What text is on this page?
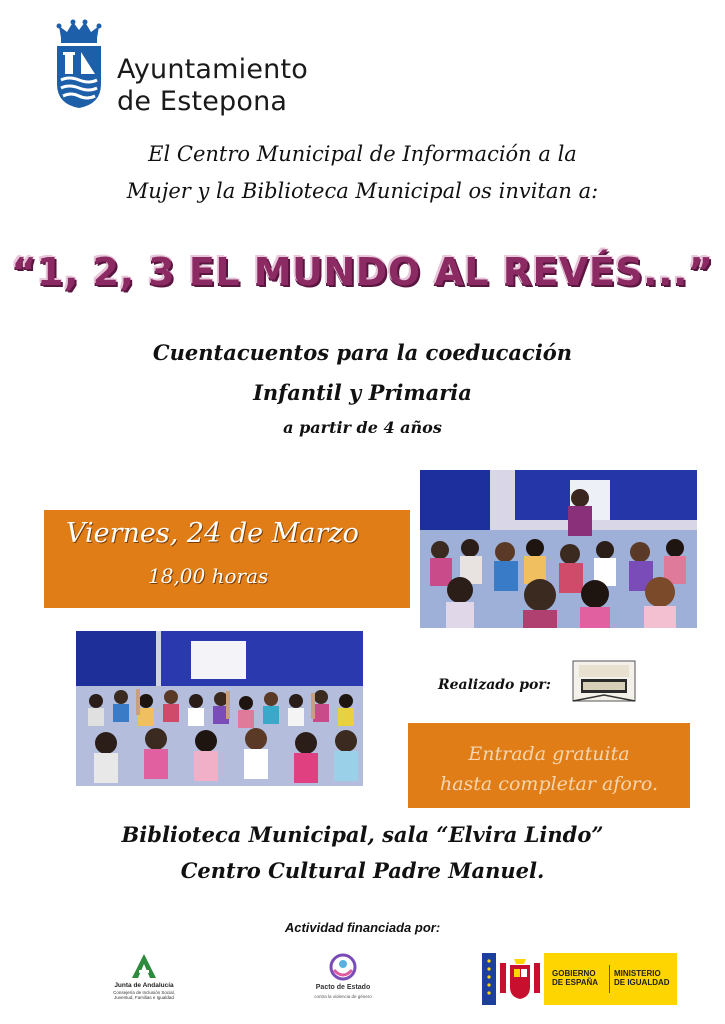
Ayuntamiento
de Estepona
El Centro Municipal de Información a la
Mujer y la Biblioteca Municipal os invitan a:
“1, 2, 3 EL MUNDO AL REVÉS...”
Cuentacuentos para la coeducación
Infantil y Primaria
a partir de 4 años
Viernes, 24 de Marzo
18,00 horas
Realizado por:
Entrada gratuita
hasta completar aforo.
Biblioteca Municipal, sala “Elvira Lindo”
Centro Cultural Padre Manuel.
Actividad financiada por:
Junta de Andalucía
Consejería de Inclusión Social, Juventud, Familias e Igualdad
Pacto de Estado
contra la violencia de género
GOBIERNO
DE ESPAÑA
MINISTERIO
DE IGUALDAD
